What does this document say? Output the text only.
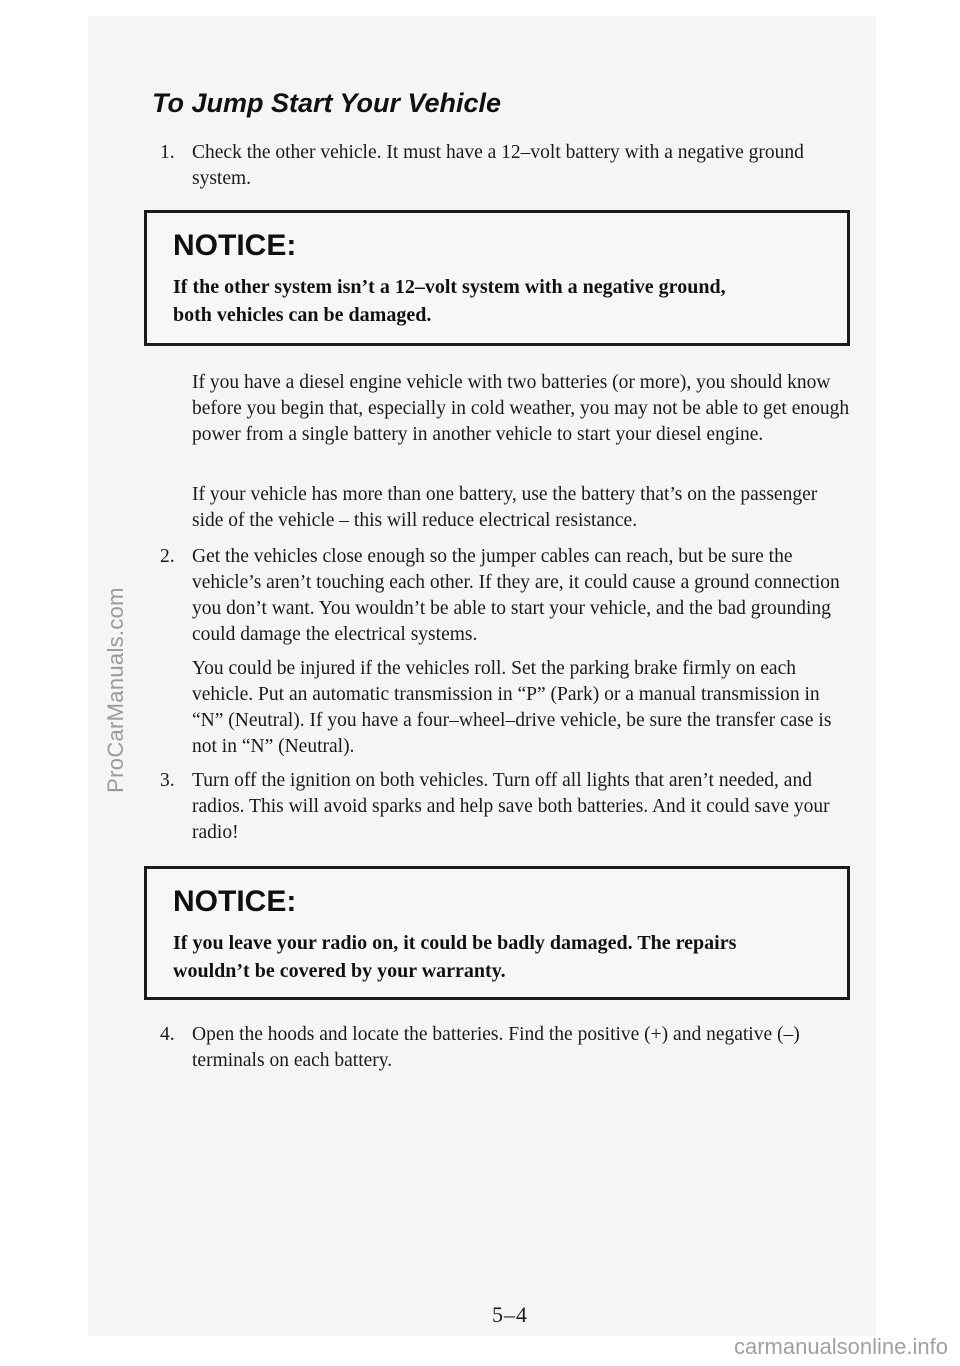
ProCarManuals.com
To Jump Start Your Vehicle
1. Check the other vehicle. It must have a 12–volt battery with a negative ground system.
NOTICE:
If the other system isn’t a 12–volt system with a negative ground, both vehicles can be damaged.

If you have a diesel engine vehicle with two batteries (or more), you should know before you begin that, especially in cold weather, you may not be able to get enough power from a single battery in another vehicle to start your diesel engine.

If your vehicle has more than one battery, use the battery that’s on the passenger side of the vehicle – this will reduce electrical resistance.

2. Get the vehicles close enough so the jumper cables can reach, but be sure the vehicle’s aren’t touching each other. If they are, it could cause a ground connection you don’t want. You wouldn’t be able to start your vehicle, and the bad grounding could damage the electrical systems.

You could be injured if the vehicles roll. Set the parking brake firmly on each vehicle. Put an automatic transmission in “P” (Park) or a manual transmission in “N” (Neutral). If you have a four–wheel–drive vehicle, be sure the transfer case is not in “N” (Neutral).

3. Turn off the ignition on both vehicles. Turn off all lights that aren’t needed, and radios. This will avoid sparks and help save both batteries. And it could save your radio!
NOTICE:
If you leave your radio on, it could be badly damaged. The repairs wouldn’t be covered by your warranty.
4. Open the hoods and locate the batteries. Find the positive (+) and negative (–) terminals on each battery.
5–4
carmanualsonline.info
